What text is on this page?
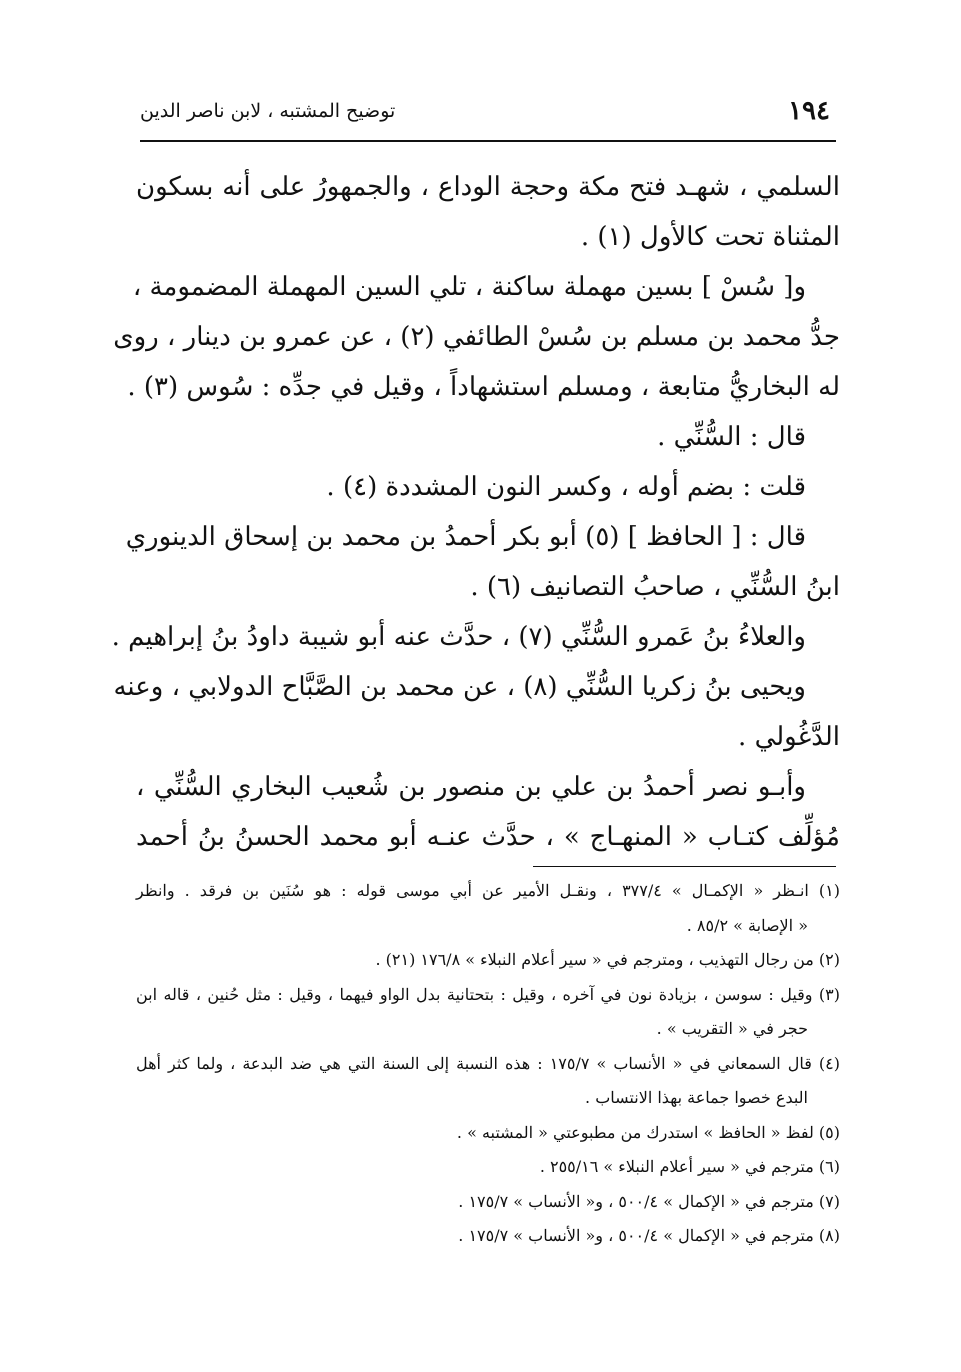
١٩٤
توضيح المشتبه ، لابن ناصر الدين
السلمي ، شهـد فتح مكة وحجة الوداع ، والجمهورُ على أنه بسكون
المثناة تحت كالأول (١) .
و[ سُسْ ] بسين مهملة ساكنة ، تلي السين المهملة المضمومة ،
جدُّ محمد بن مسلم بن سُسْ الطائفي (٢) ، عن عمرو بن دينار ، روى
له البخاريُّ متابعة ، ومسلم استشهاداً ، وقيل في جدِّه : سُوس (٣) .
قال : السُّنِّي .
قلت : بضم أوله ، وكسر النون المشددة (٤) .
قال : [ الحافظ ] (٥) أبو بكر أحمدُ بن محمد بن إسحاق الدينوري
ابنُ السُّنِّي ، صاحبُ التصانيف (٦) .
والعلاءُ بنُ عَمرو السُّنِّي (٧) ، حدَّث عنه أبو شيبة داودُ بنُ إبراهيم .
ويحيى بنُ زكريا السُّنِّي (٨) ، عن محمد بن الصَّبَّاح الدولابي ، وعنه
الدَّغُولي .
وأبـو نصر أحمدُ بن علي بن منصور بن شُعيب البخاري السُّنِّي ،
مُؤلِّف كتـاب « المنهـاج » ، حدَّث عنـه أبو محمد الحسنُ بنُ أحمد
(١) انـظر « الإكمـال » ٣٧٧/٤ ، ونقـل الأمير عن أبي موسى قوله : هو سُنَين بن فرقد . وانظر
« الإصابة » ٨٥/٢ .
(٢) من رجال التهذيب ، ومترجم في « سير أعلام النبلاء » ١٧٦/٨ (٢١) .
(٣) وقيل : سوسن ، بزيادة نون في آخره ، وقيل : بتحتانية بدل الواو فيهما ، وقيل : مثل حُنين ، قاله ابن
حجر في « التقريب » .
(٤) قال السمعاني في « الأنساب » ١٧٥/٧ : هذه النسبة إلى السنة التي هي ضد البدعة ، ولما كثر أهل
البدع خصوا جماعة بهذا الانتساب .
(٥) لفظ « الحافظ » استدرك من مطبوعتي « المشتبه » .
(٦) مترجم في « سير أعلام النبلاء » ٢٥٥/١٦ .
(٧) مترجم في « الإكمال » ٥٠٠/٤ ، و« الأنساب » ١٧٥/٧ .
(٨) مترجم في « الإكمال » ٥٠٠/٤ ، و« الأنساب » ١٧٥/٧ .
